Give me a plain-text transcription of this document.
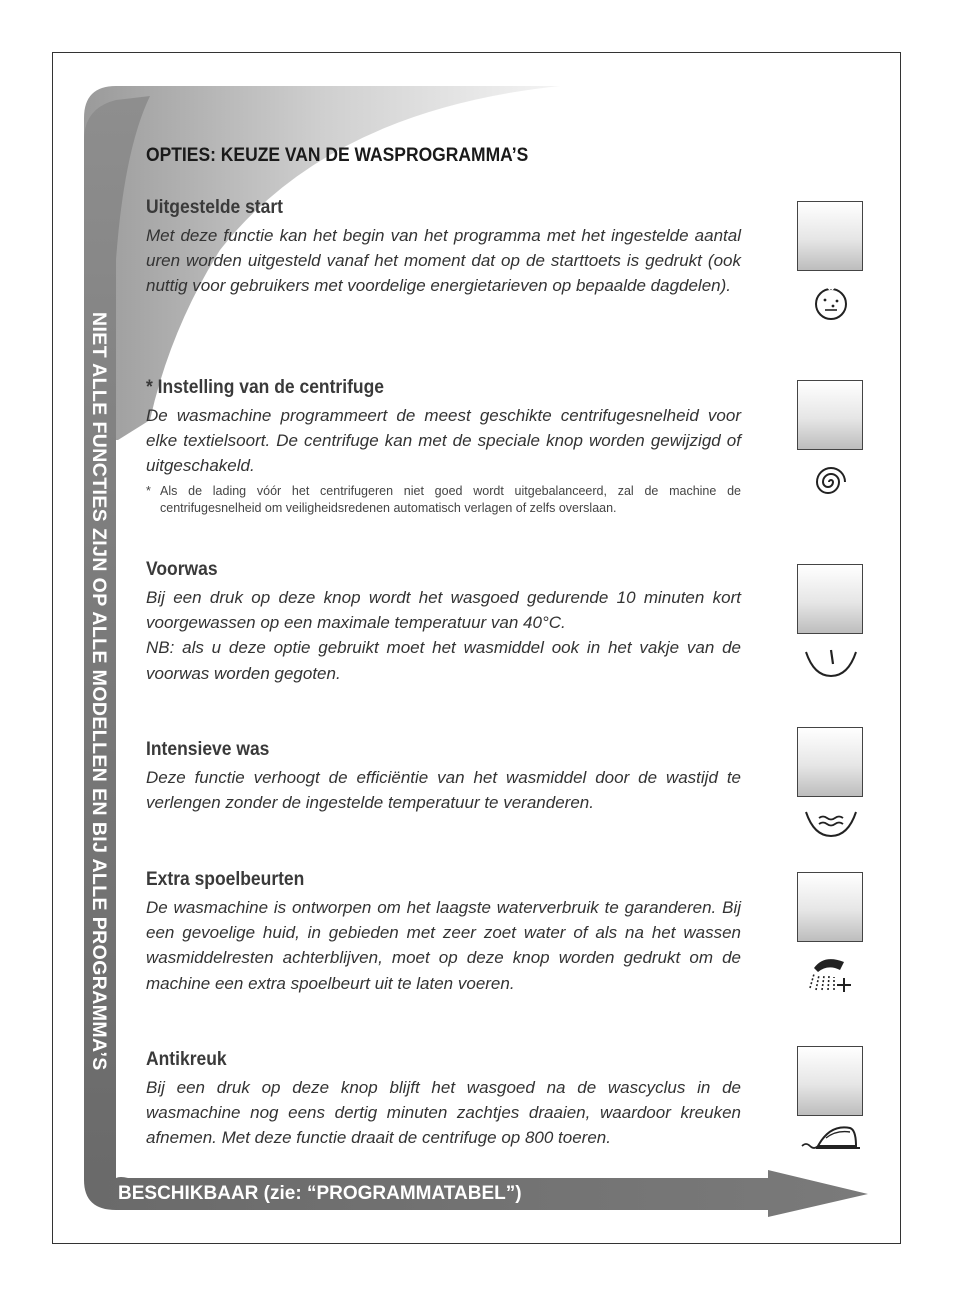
NIET ALLE FUNCTIES ZIJN OP ALLE MODELLEN EN BIJ ALLE PROGRAMMA’S
BESCHIKBAAR (zie: “PROGRAMMATABEL”)
OPTIES: KEUZE VAN DE WASPROGRAMMA’S
Uitgestelde start

Met deze functie kan het begin van het programma met het ingestelde aantal uren worden uitgesteld vanaf het moment dat op de starttoets is gedrukt (ook nuttig voor gebruikers met voordelige energietarieven op bepaalde dagdelen).

* Instelling van de centrifuge

De wasmachine programmeert de meest geschikte centrifugesnelheid voor elke textielsoort. De centrifuge kan met de speciale knop worden gewijzigd of uitgeschakeld.

* Als de lading vóór het centrifugeren niet goed wordt uitgebalanceerd, zal de machine de centrifugesnelheid om veiligheidsredenen automatisch verlagen of zelfs overslaan.
Voorwas

Bij een druk op deze knop wordt het wasgoed gedurende 10 minuten kort voorgewassen op een maximale temperatuur van 40°C.

NB: als u deze optie gebruikt moet het wasmiddel ook in het vakje van de voorwas worden gegoten.

Intensieve was

Deze functie verhoogt de efficiëntie van het wasmiddel door de wastijd te verlengen zonder de ingestelde temperatuur te veranderen.

Extra spoelbeurten

De wasmachine is ontworpen om het laagste waterverbruik te garanderen. Bij een gevoelige huid, in gebieden met zeer zoet water of als na het wassen wasmiddelresten achterblijven, moet op deze knop worden gedrukt om de machine een extra spoelbeurt uit te laten voeren.

Antikreuk

Bij een druk op deze knop blijft het wasgoed na de wascyclus in de wasmachine nog eens dertig minuten zachtjes draaien, waardoor kreuken afnemen. Met deze functie draait de centrifuge op 800 toeren.
